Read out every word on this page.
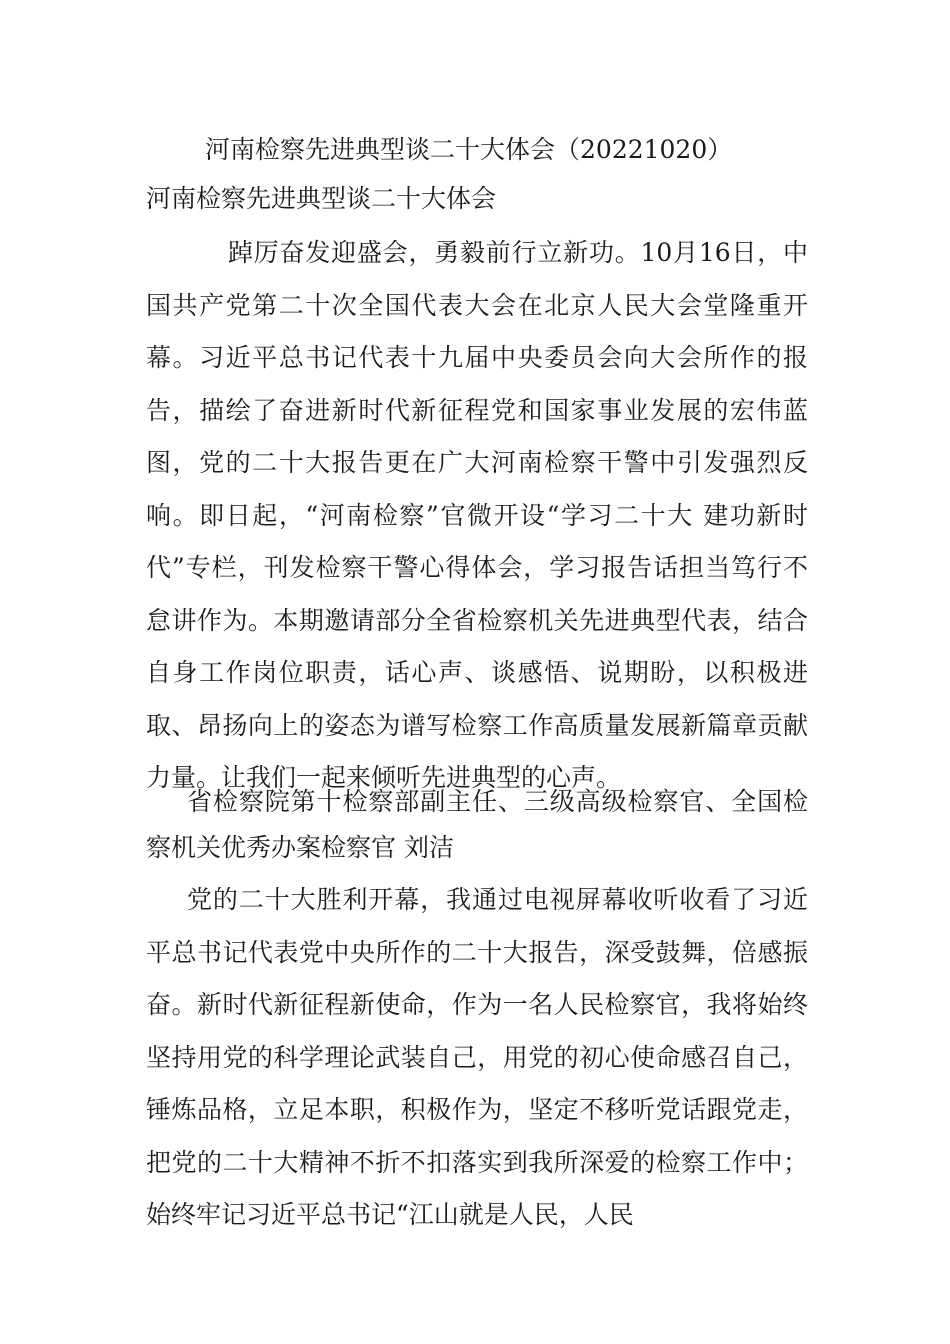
河南检察先进典型谈二十大体会（20221020）
河南检察先进典型谈二十大体会

踔厉奋发迎盛会，勇毅前行立新功。10月16日，中国共产党第二十次全国代表大会在北京人民大会堂隆重开幕。习近平总书记代表十九届中央委员会向大会所作的报告，描绘了奋进新时代新征程党和国家事业发展的宏伟蓝图，党的二十大报告更在广大河南检察干警中引发强烈反响。即日起，“河南检察”官微开设“学习二十大 建功新时代”专栏，刊发检察干警心得体会，学习报告话担当笃行不怠讲作为。本期邀请部分全省检察机关先进典型代表，结合自身工作岗位职责，话心声、谈感悟、说期盼，以积极进取、昂扬向上的姿态为谱写检察工作高质量发展新篇章贡献力量。让我们一起来倾听先进典型的心声。

省检察院第十检察部副主任、三级高级检察官、全国检察机关优秀办案检察官 刘洁

党的二十大胜利开幕，我通过电视屏幕收听收看了习近平总书记代表党中央所作的二十大报告，深受鼓舞，倍感振奋。新时代新征程新使命，作为一名人民检察官，我将始终坚持用党的科学理论武装自己，用党的初心使命感召自己，锤炼品格，立足本职，积极作为，坚定不移听党话跟党走，把党的二十大精神不折不扣落实到我所深爱的检察工作中；始终牢记习近平总书记“江山就是人民，人民
